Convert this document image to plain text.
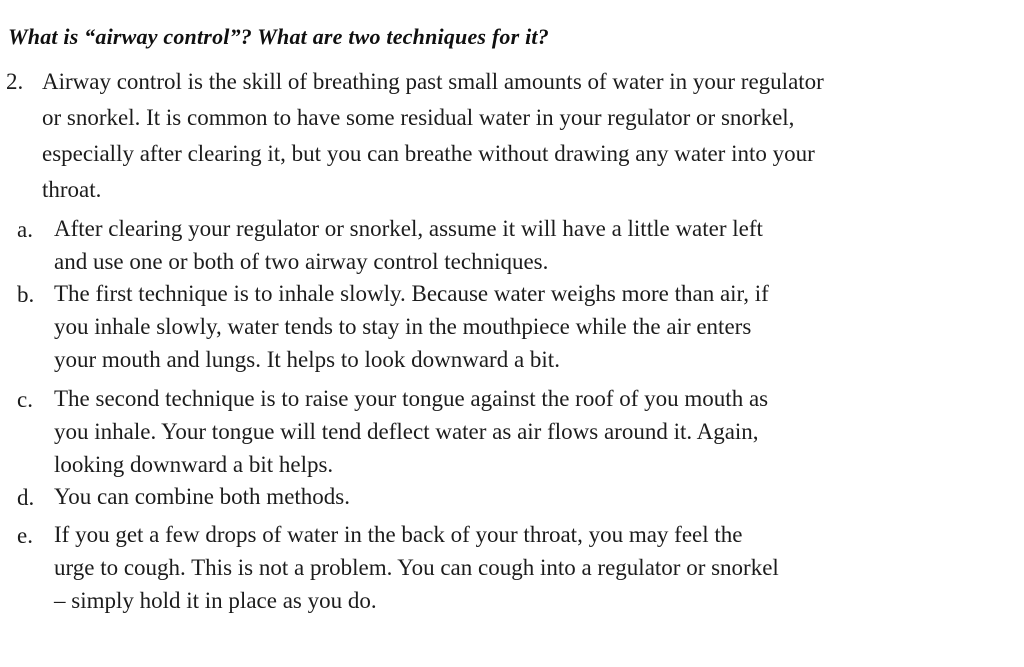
What is “airway control”? What are two techniques for it?
2. Airway control is the skill of breathing past small amounts of water in your regulator or snorkel. It is common to have some residual water in your regulator or snorkel, especially after clearing it, but you can breathe without drawing any water into your throat.
a. After clearing your regulator or snorkel, assume it will have a little water left and use one or both of two airway control techniques.
b. The first technique is to inhale slowly. Because water weighs more than air, if you inhale slowly, water tends to stay in the mouthpiece while the air enters your mouth and lungs. It helps to look downward a bit.
c. The second technique is to raise your tongue against the roof of you mouth as you inhale. Your tongue will tend deflect water as air flows around it. Again, looking downward a bit helps.
d. You can combine both methods.
e. If you get a few drops of water in the back of your throat, you may feel the urge to cough. This is not a problem. You can cough into a regulator or snorkel – simply hold it in place as you do.
